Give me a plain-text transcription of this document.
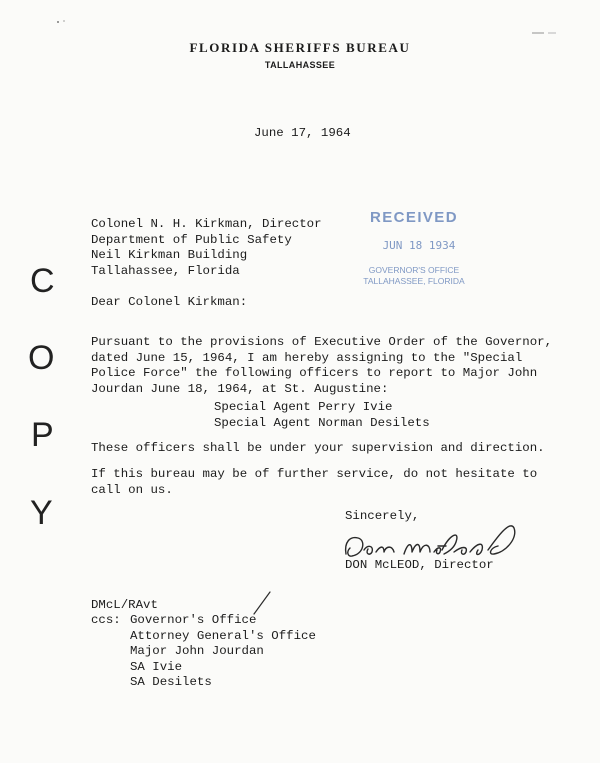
FLORIDA SHERIFFS BUREAU
TALLAHASSEE
June 17, 1964
Colonel N. H. Kirkman, Director
Department of Public Safety
Neil Kirkman Building
Tallahassee, Florida
RECEIVED
JUN 18 1934
GOVERNOR'S OFFICE
TALLAHASSEE, FLORIDA
C
O
P
Y
Dear Colonel Kirkman:
Pursuant to the provisions of Executive Order of the Governor,
dated June 15, 1964, I am hereby assigning to the "Special
Police Force" the following officers to report to Major John
Jourdan June 18, 1964, at St. Augustine:
Special Agent Perry Ivie
Special Agent Norman Desilets
These officers shall be under your supervision and direction.
If this bureau may be of further service, do not hesitate to
call on us.
Sincerely,
DON McLEOD, Director
DMcL/RAvt
ccs: Governor's Office
Attorney General's Office
Major John Jourdan
SA Ivie
SA Desilets
